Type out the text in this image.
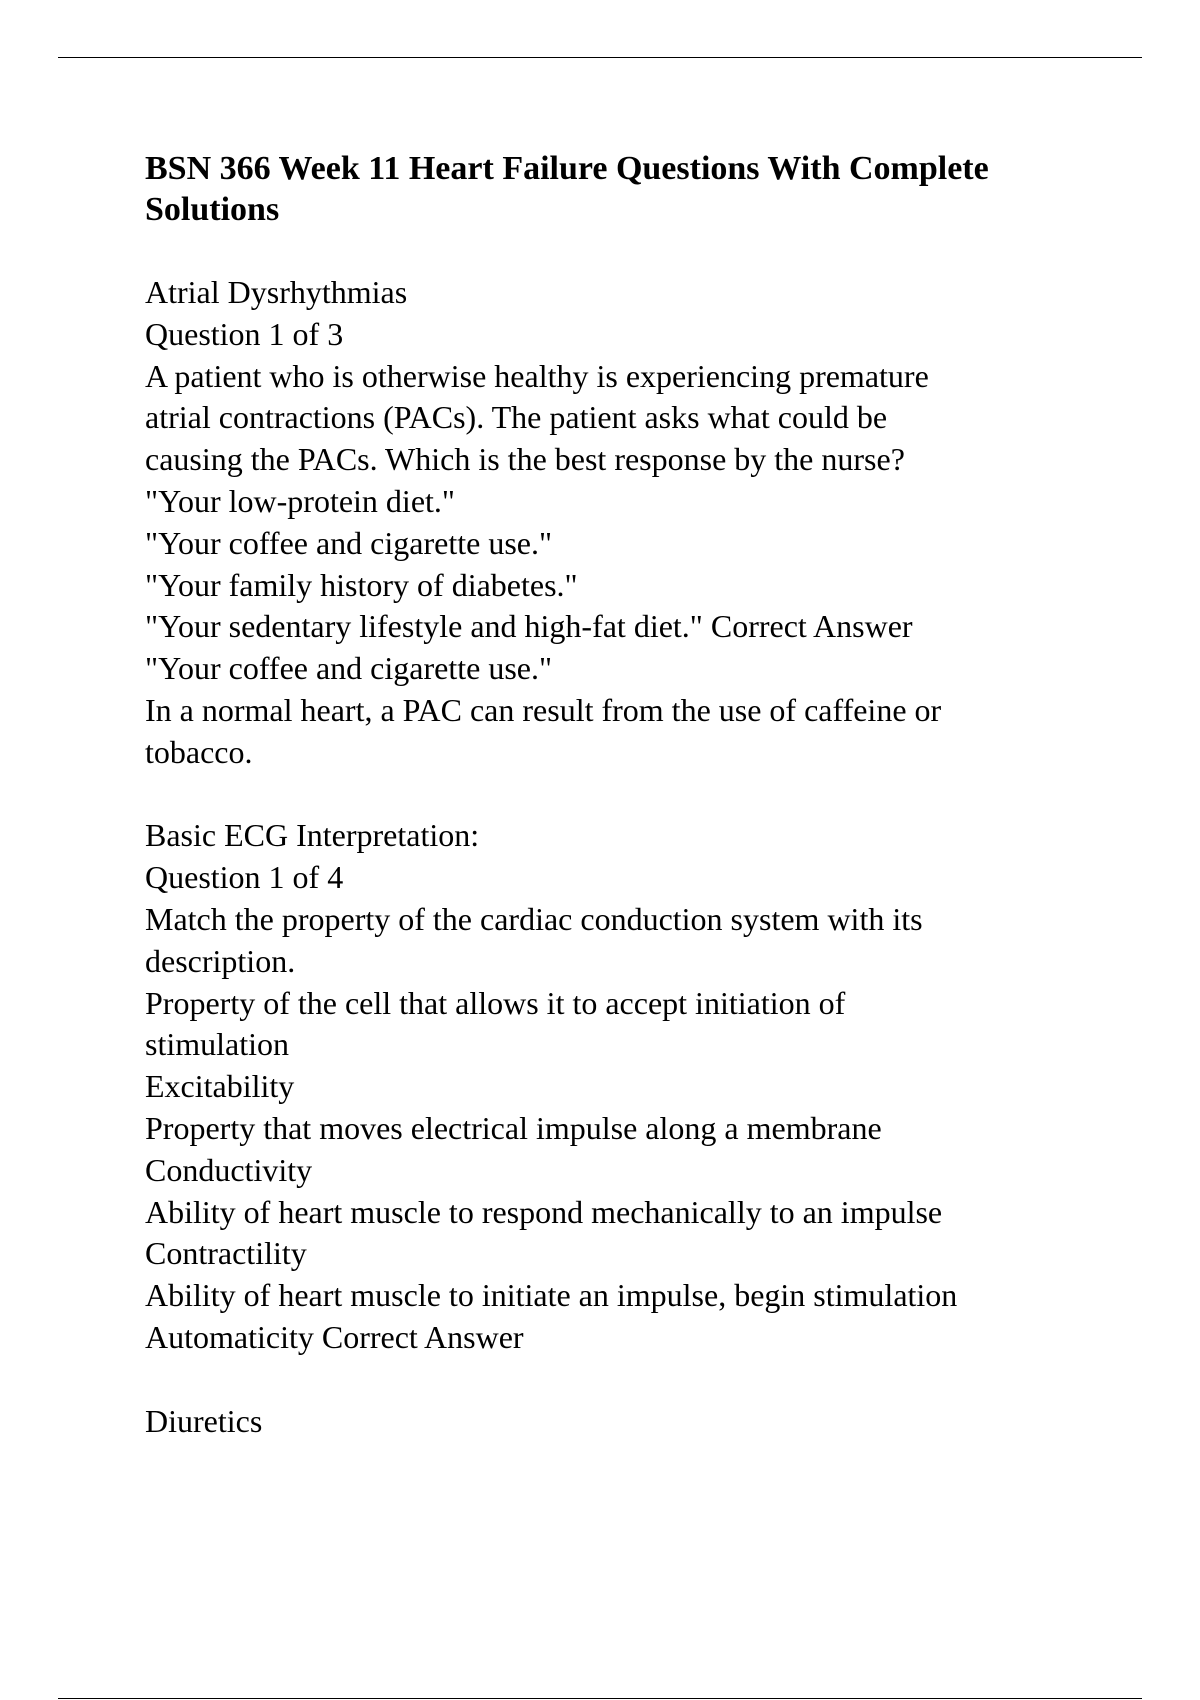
BSN 366 Week 11 Heart Failure Questions With Complete
Solutions
Atrial Dysrhythmias
Question 1 of 3
A patient who is otherwise healthy is experiencing premature
atrial contractions (PACs). The patient asks what could be
causing the PACs. Which is the best response by the nurse?
"Your low-protein diet."
"Your coffee and cigarette use."
"Your family history of diabetes."
"Your sedentary lifestyle and high-fat diet." Correct Answer
"Your coffee and cigarette use."
In a normal heart, a PAC can result from the use of caffeine or
tobacco.
Basic ECG Interpretation:
Question 1 of 4
Match the property of the cardiac conduction system with its
description.
Property of the cell that allows it to accept initiation of
stimulation
Excitability
Property that moves electrical impulse along a membrane
Conductivity
Ability of heart muscle to respond mechanically to an impulse
Contractility
Ability of heart muscle to initiate an impulse, begin stimulation
Automaticity Correct Answer
Diuretics
